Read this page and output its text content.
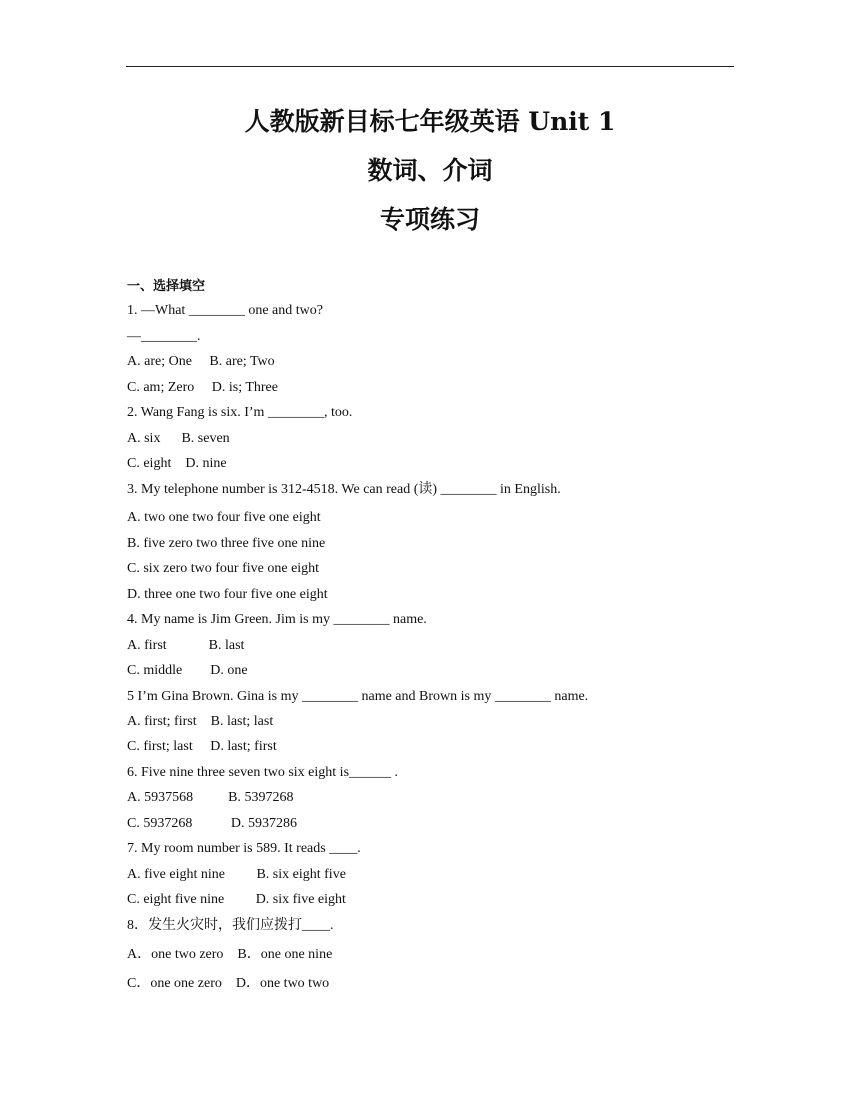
人教版新目标七年级英语 Unit 1
数词、介词
专项练习
一、选择填空
1. —What ________ one and two?
—________.
A. are; One     B. are; Two
C. am; Zero     D. is; Three
2. Wang Fang is six. I’m ________, too.
A. six      B. seven
C. eight    D. nine
3. My telephone number is 312-4518. We can read (读) ________ in English.
A. two one two four five one eight
B. five zero two three five one nine
C. six zero two four five one eight
D. three one two four five one eight
4. My name is Jim Green. Jim is my ________ name.
A. first            B. last
C. middle        D. one
5 I’m Gina Brown. Gina is my ________ name and Brown is my ________ name.
A. first; first    B. last; last
C. first; last     D. last; first
6. Five nine three seven two six eight is______ .
A. 5937568          B. 5397268
C. 5937268           D. 5937286
7. My room number is 589. It reads ____.
A. five eight nine         B. six eight five
C. eight five nine         D. six five eight
8．发生火灾时，我们应拨打____.
A．one two zero    B．one one nine
C．one one zero    D．one two two
